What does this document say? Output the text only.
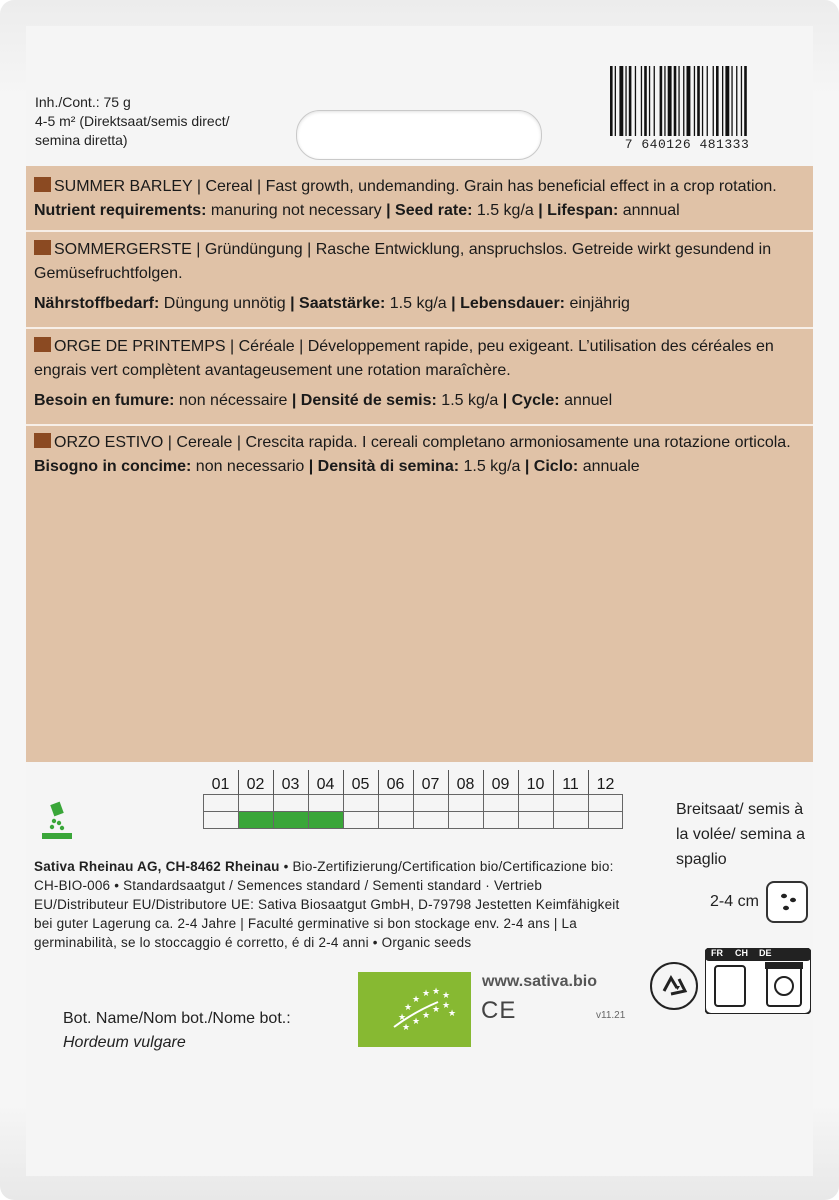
Inh./Cont.: 75 g
4-5 m² (Direktsaat/semis direct/
semina diretta)	7 640126 481333
SUMMER BARLEY | Cereal | Fast growth, undemanding. Grain has beneficial effect in a crop rotation.
Nutrient requirements: manuring not necessary | Seed rate: 1.5 kg/a | Lifespan: annnual
SOMMERGERSTE | Gründüngung | Rasche Entwicklung, anspruchslos. Getreide wirkt gesundend in Gemüsefruchtfolgen.
Nährstoffbedarf: Düngung unnötig | Saatstärke: 1.5 kg/a | Lebensdauer: einjährig
ORGE DE PRINTEMPS | Céréale | Développement rapide, peu exigeant. L’utilisation des céréales en engrais vert complètent avantageusement une rotation maraîchère.
Besoin en fumure: non nécessaire | Densité de semis: 1.5 kg/a | Cycle: annuel
ORZO ESTIVO | Cereale | Crescita rapida. I cereali completano armoniosamente una rotazione orticola.
Bisogno in concime: non necessario | Densità di semina: 1.5 kg/a | Ciclo: annuale
01	02	03	04	05	06	07	08	09	10	11	12

Sativa Rheinau AG, CH-8462 Rheinau • Bio-Zertifizierung/Certification bio/Certificazione bio: CH-BIO-006 • Standardsaatgut / Semences standard / Sementi standard · Vertrieb EU/Distributeur EU/Distributore UE: Sativa Biosaatgut GmbH, D-79798 Jestetten Keimfähigkeit bei guter Lagerung ca. 2-4 Jahre | Faculté germinative si bon stockage env. 2-4 ans | La germinabilità, se lo stoccaggio é corretto, é di 2-4 anni • Organic seeds
Breitsaat/ semis à la volée/ semina a spaglio
2-4 cm
Bot. Name/Nom bot./Nome bot.:
Hordeum vulgare
★
★
★
★ ★ ★
★
★
★
★ ★
★
www.sativa.bio
CE	v11.21
FR CH DE
